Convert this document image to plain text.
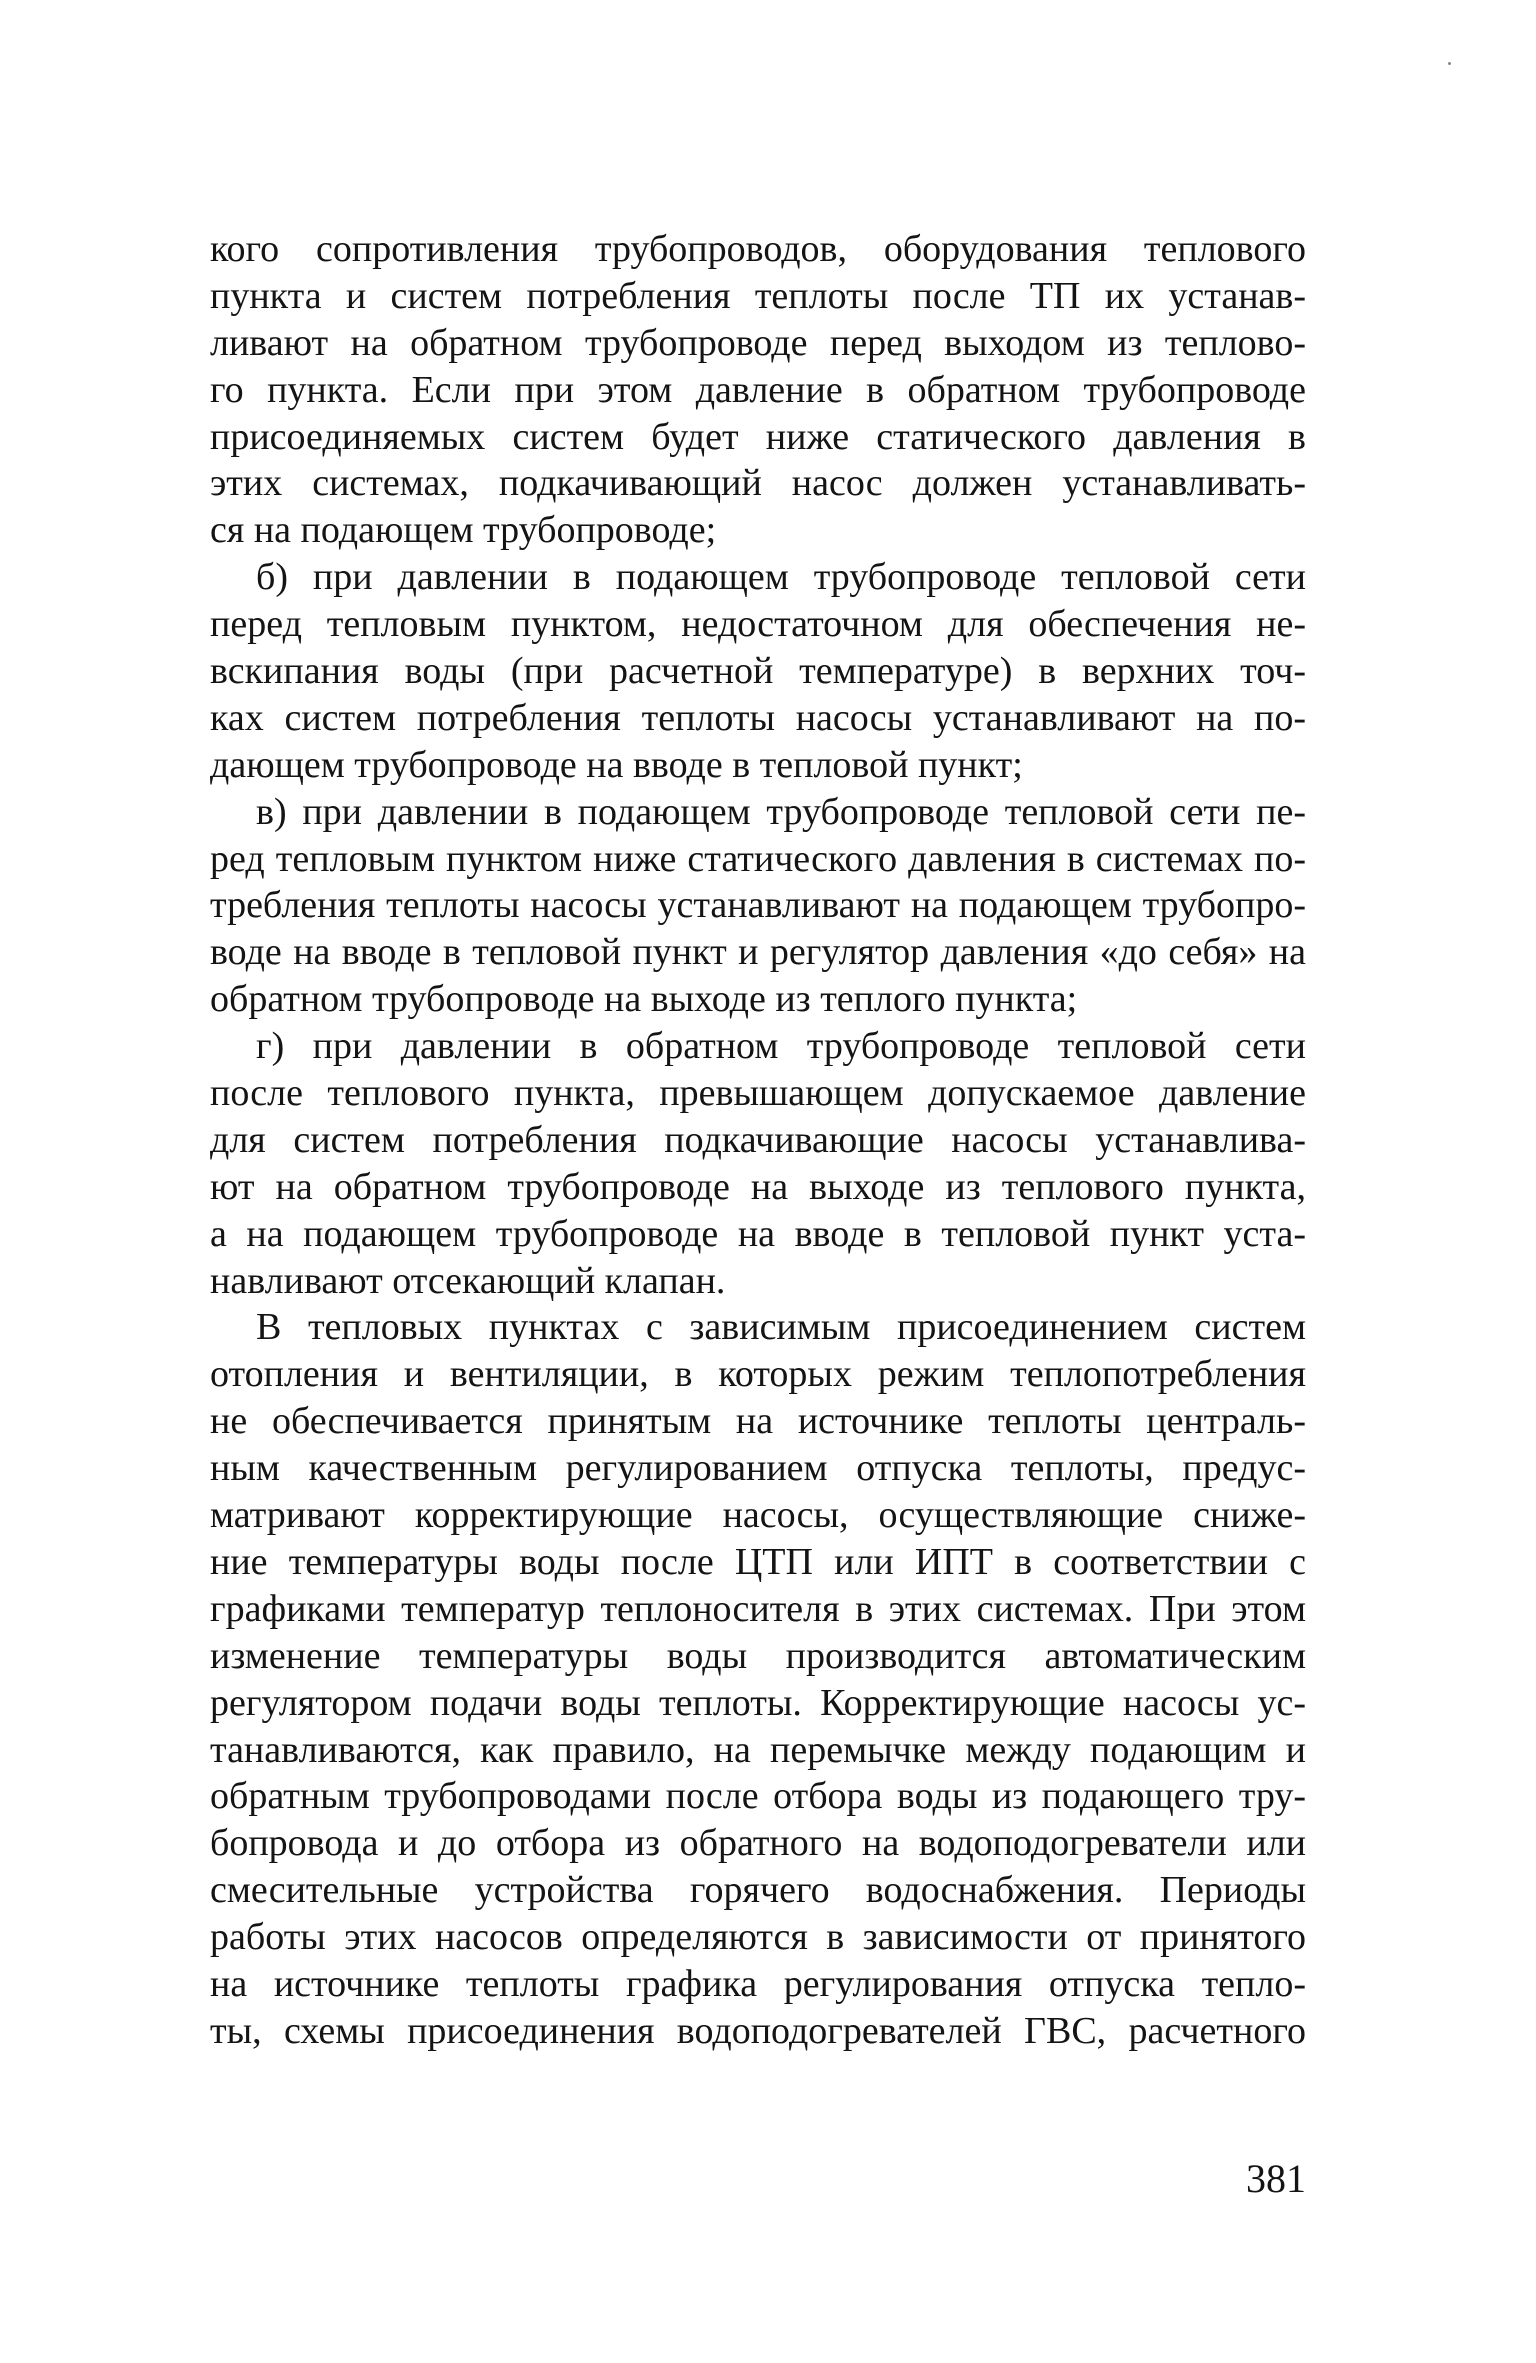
кого сопротивления трубопроводов, оборудования теплового
пункта и систем потребления теплоты после ТП их устанав-
ливают на обратном трубопроводе перед выходом из теплово-
го пункта. Если при этом давление в обратном трубопроводе
присоединяемых систем будет ниже статического давления в
этих системах, подкачивающий насос должен устанавливать-
ся на подающем трубопроводе;
б) при давлении в подающем трубопроводе тепловой сети
перед тепловым пунктом, недостаточном для обеспечения не-
вскипания воды (при расчетной температуре) в верхних точ-
ках систем потребления теплоты насосы устанавливают на по-
дающем трубопроводе на вводе в тепловой пункт;
в) при давлении в подающем трубопроводе тепловой сети пе-
ред тепловым пунктом ниже статического давления в системах по-
требления теплоты насосы устанавливают на подающем трубопро-
воде на вводе в тепловой пункт и регулятор давления «до себя» на
обратном трубопроводе на выходе из теплого пункта;
г) при давлении в обратном трубопроводе тепловой сети
после теплового пункта, превышающем допускаемое давление
для систем потребления подкачивающие насосы устанавлива-
ют на обратном трубопроводе на выходе из теплового пункта,
а на подающем трубопроводе на вводе в тепловой пункт уста-
навливают отсекающий клапан.
В тепловых пунктах с зависимым присоединением систем
отопления и вентиляции, в которых режим теплопотребления
не обеспечивается принятым на источнике теплоты централь-
ным качественным регулированием отпуска теплоты, предус-
матривают корректирующие насосы, осуществляющие сниже-
ние температуры воды после ЦТП или ИПТ в соответствии с
графиками температур теплоносителя в этих системах. При этом
изменение температуры воды производится автоматическим
регулятором подачи воды теплоты. Корректирующие насосы ус-
танавливаются, как правило, на перемычке между подающим и
обратным трубопроводами после отбора воды из подающего тру-
бопровода и до отбора из обратного на водоподогреватели или
смесительные устройства горячего водоснабжения. Периоды
работы этих насосов определяются в зависимости от принятого
на источнике теплоты графика регулирования отпуска тепло-
ты, схемы присоединения водоподогревателей ГВС, расчетного
381
